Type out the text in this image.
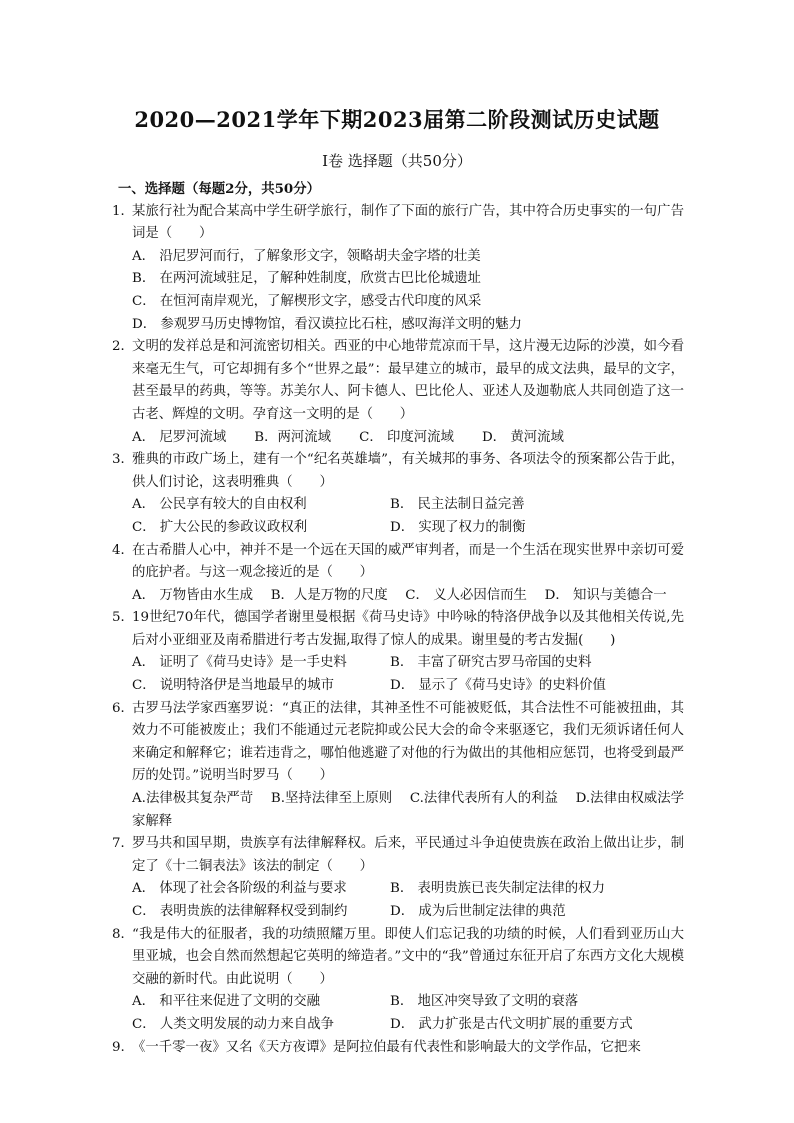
2020—2021学年下期2023届第二阶段测试历史试题
I卷 选择题（共50分）
一、选择题（每题2分，共50分）
1．

某旅行社为配合某高中学生研学旅行，制作了下面的旅行广告，其中符合历史事实的一句广告词是（　　）

A． 沿尼罗河而行，了解象形文字，领略胡夫金字塔的壮美
B． 在两河流域驻足，了解种姓制度，欣赏古巴比伦城遗址
C． 在恒河南岸观光，了解楔形文字，感受古代印度的风采
D． 参观罗马历史博物馆，看汉谟拉比石柱，感叹海洋文明的魅力
2．

文明的发祥总是和河流密切相关。西亚的中心地带荒凉而干旱，这片漫无边际的沙漠，如今看来毫无生气，可它却拥有多个“世界之最”：最早建立的城市，最早的成文法典，最早的文字，甚至最早的药典，等等。苏美尔人、阿卡德人、巴比伦人、亚述人及迦勒底人共同创造了这一古老、辉煌的文明。孕育这一文明的是（　　）

A． 尼罗河流域 B．两河流域 C． 印度河流域 D． 黄河流域
3．

雅典的市政广场上，建有一个“纪名英雄墙”，有关城邦的事务、各项法令的预案都公告于此，供人们讨论，这表明雅典（　　）

A． 公民享有较大的自由权利	B． 民主法制日益完善
C． 扩大公民的参政议政权利	D． 实现了权力的制衡
4．

在古希腊人心中，神并不是一个远在天国的威严审判者，而是一个生活在现实世界中亲切可爱的庇护者。与这一观念接近的是（　　）

A． 万物皆由水生成　 B．人是万物的尺度　 C． 义人必因信而生　 D． 知识与美德合一

5．

19世纪70年代，德国学者谢里曼根据《荷马史诗》中吟咏的特洛伊战争以及其他相关传说,先后对小亚细亚及南希腊进行考古发掘,取得了惊人的成果。谢里曼的考古发掘(　　)

A． 证明了《荷马史诗》是一手史料	B． 丰富了研究古罗马帝国的史料
C． 说明特洛伊是当地最早的城市	D． 显示了《荷马史诗》的史料价值
6．

古罗马法学家西塞罗说：“真正的法律，其神圣性不可能被贬低，其合法性不可能被扭曲，其效力不可能被废止；我们不能通过元老院抑或公民大会的命令来驱逐它，我们无须诉诸任何人来确定和解释它；谁若违背之，哪怕他逃避了对他的行为做出的其他相应惩罚，也将受到最严厉的处罚。”说明当时罗马（　　）

A.法律极其复杂严苛　 B.坚持法律至上原则　 C.法律代表所有人的利益　 D.法律由权威法学家解释

7．

罗马共和国早期，贵族享有法律解释权。后来，平民通过斗争迫使贵族在政治上做出让步，制定了《十二铜表法》该法的制定（　　）

A． 体现了社会各阶级的利益与要求	B． 表明贵族已丧失制定法律的权力
C． 表明贵族的法律解释权受到制约	D． 成为后世制定法律的典范
8．

“我是伟大的征服者，我的功绩照耀万里。即使人们忘记我的功绩的时候，人们看到亚历山大里亚城，也会自然而然想起它英明的缔造者。”文中的“我”曾通过东征开启了东西方文化大规模交融的新时代。由此说明（　　）

A． 和平往来促进了文明的交融	B． 地区冲突导致了文明的衰落
C． 人类文明发展的动力来自战争	D． 武力扩张是古代文明扩展的重要方式
9. 《一千零一夜》又名《天方夜谭》是阿拉伯最有代表性和影响最大的文学作品，它把来
